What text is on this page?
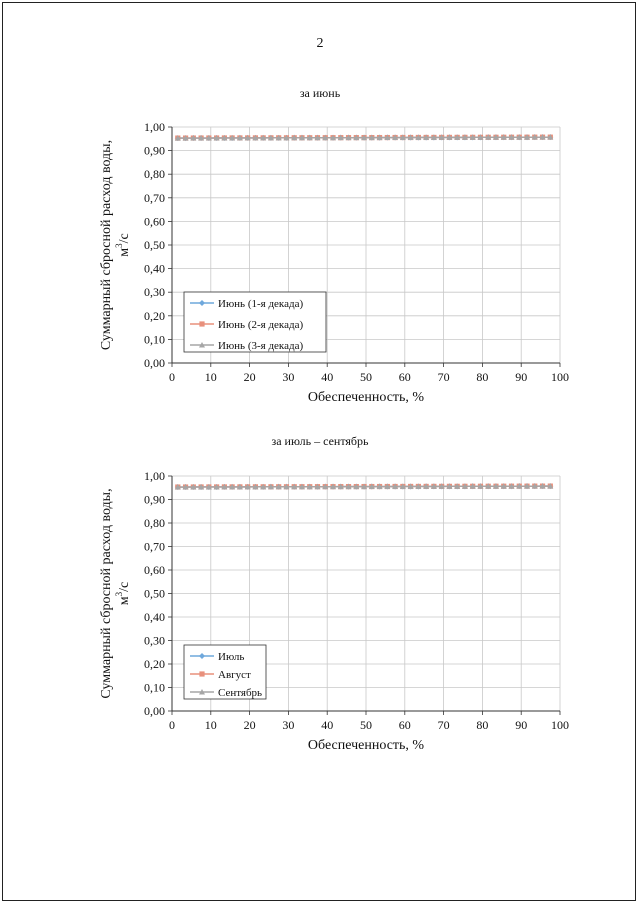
2
за июнь
0,00
0,10
0,20
0,30
0,40
0,50
0,60
0,70
0,80
0,90
1,00
0 10 20 30 40 50 60 70 80 90 100
Обеспеченность, %
Суммарный сбросной расход воды, $м^3/с$
Июнь (1-я декада)
Июнь (2-я декада)
Июнь (3-я декада)
за июль – сентябрь
0,00
0,10
0,20
0,30
0,40
0,50
0,60
0,70
0,80
0,90
1,00
0 10 20 30 40 50 60 70 80 90 100
Обеспеченность, %
Суммарный сбросной расход воды, $м^3/с$
Июль
Август
Сентябрь
